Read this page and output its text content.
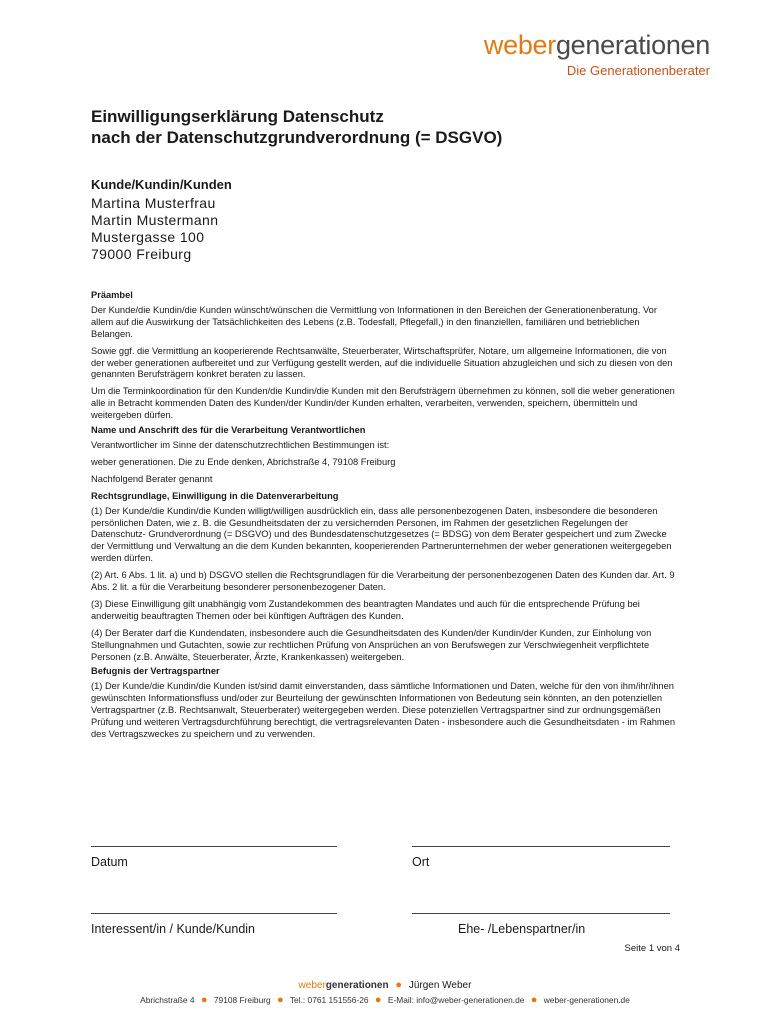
webergenerationen
Die Generationenberater
Einwilligungserklärung Datenschutz
nach der Datenschutzgrundverordnung (= DSGVO)
Kunde/Kundin/Kunden
Martina Musterfrau
Martin Mustermann
Mustergasse 100
79000 Freiburg

Präambel

Der Kunde/die Kundin/die Kunden wünscht/wünschen die Vermittlung von Informationen in den Bereichen der Generationenberatung. Vor allem auf die Auswirkung der Tatsächlichkeiten des Lebens (z.B. Todesfall, Pflegefall,) in den finanziellen, familiären und betrieblichen Belangen.

Sowie ggf. die Vermittlung an kooperierende Rechtsanwälte, Steuerberater, Wirtschaftsprüfer, Notare, um allgemeine Informationen, die von der weber generationen aufbereitet und zur Verfügung gestellt werden, auf die individuelle Situation abzugleichen und sich zu diesen von den genannten Berufsträgern konkret beraten zu lassen.

Um die Terminkoordination für den Kunden/die Kundin/die Kunden mit den Berufsträgern übernehmen zu können, soll die weber generationen alle in Betracht kommenden Daten des Kunden/der Kundin/der Kunden erhalten, verarbeiten, verwenden, speichern, übermitteln und weitergeben dürfen.

Name und Anschrift des für die Verarbeitung Verantwortlichen

Verantwortlicher im Sinne der datenschutzrechtlichen Bestimmungen ist:

weber generationen. Die zu Ende denken, Abrichstraße 4, 79108 Freiburg

Nachfolgend Berater genannt

Rechtsgrundlage, Einwilligung in die Datenverarbeitung

(1) Der Kunde/die Kundin/die Kunden willigt/willigen ausdrücklich ein, dass alle personenbezogenen Daten, insbesondere die besonderen persönlichen Daten, wie z. B. die Gesundheitsdaten der zu versichernden Personen, im Rahmen der gesetzlichen Regelungen der Datenschutz- Grundverordnung (= DSGVO) und des Bundesdatenschutzgesetzes (= BDSG) von dem Berater gespeichert und zum Zwecke der Vermittlung und Verwaltung an die dem Kunden bekannten, kooperierenden Partnerunternehmen der weber generationen weitergegeben werden dürfen.

(2) Art. 6 Abs. 1 lit. a) und b) DSGVO stellen die Rechtsgrundlagen für die Verarbeitung der personenbezogenen Daten des Kunden dar. Art. 9 Abs. 2 lit. a für die Verarbeitung besonderer personenbezogener Daten.

(3) Diese Einwilligung gilt unabhängig vom Zustandekommen des beantragten Mandates und auch für die entsprechende Prüfung bei anderweitig beauftragten Themen oder bei künftigen Aufträgen des Kunden.

(4) Der Berater darf die Kundendaten, insbesondere auch die Gesundheitsdaten des Kunden/der Kundin/der Kunden, zur Einholung von Stellungnahmen und Gutachten, sowie zur rechtlichen Prüfung von Ansprüchen an von Berufswegen zur Verschwiegenheit verpflichtete Personen (z.B. Anwälte, Steuerberater, Ärzte, Krankenkassen) weitergeben.

Befugnis der Vertragspartner

(1) Der Kunde/die Kundin/die Kunden ist/sind damit einverstanden, dass sämtliche Informationen und Daten, welche für den von ihm/ihr/ihnen gewünschten Informationsfluss und/oder zur Beurteilung der gewünschten Informationen von Bedeutung sein könnten, an den potenziellen Vertragspartner (z.B. Rechtsanwalt, Steuerberater) weitergegeben werden. Diese potenziellen Vertragspartner sind zur ordnungsgemäßen Prüfung und weiteren Vertragsdurchführung berechtigt, die vertragsrelevanten Daten - insbesondere auch die Gesundheitsdaten - im Rahmen des Vertragszweckes zu speichern und zu verwenden.

Datum	Ort
Interessent/in / Kunde/Kundin	Ehe- /Lebenspartner/in
Seite 1 von 4
webergenerationen ● Jürgen Weber
Abrichstraße 4 ● 79108 Freiburg ● Tel.: 0761 151556-26 ● E-Mail: info@weber-generationen.de ● weber-generationen.de
